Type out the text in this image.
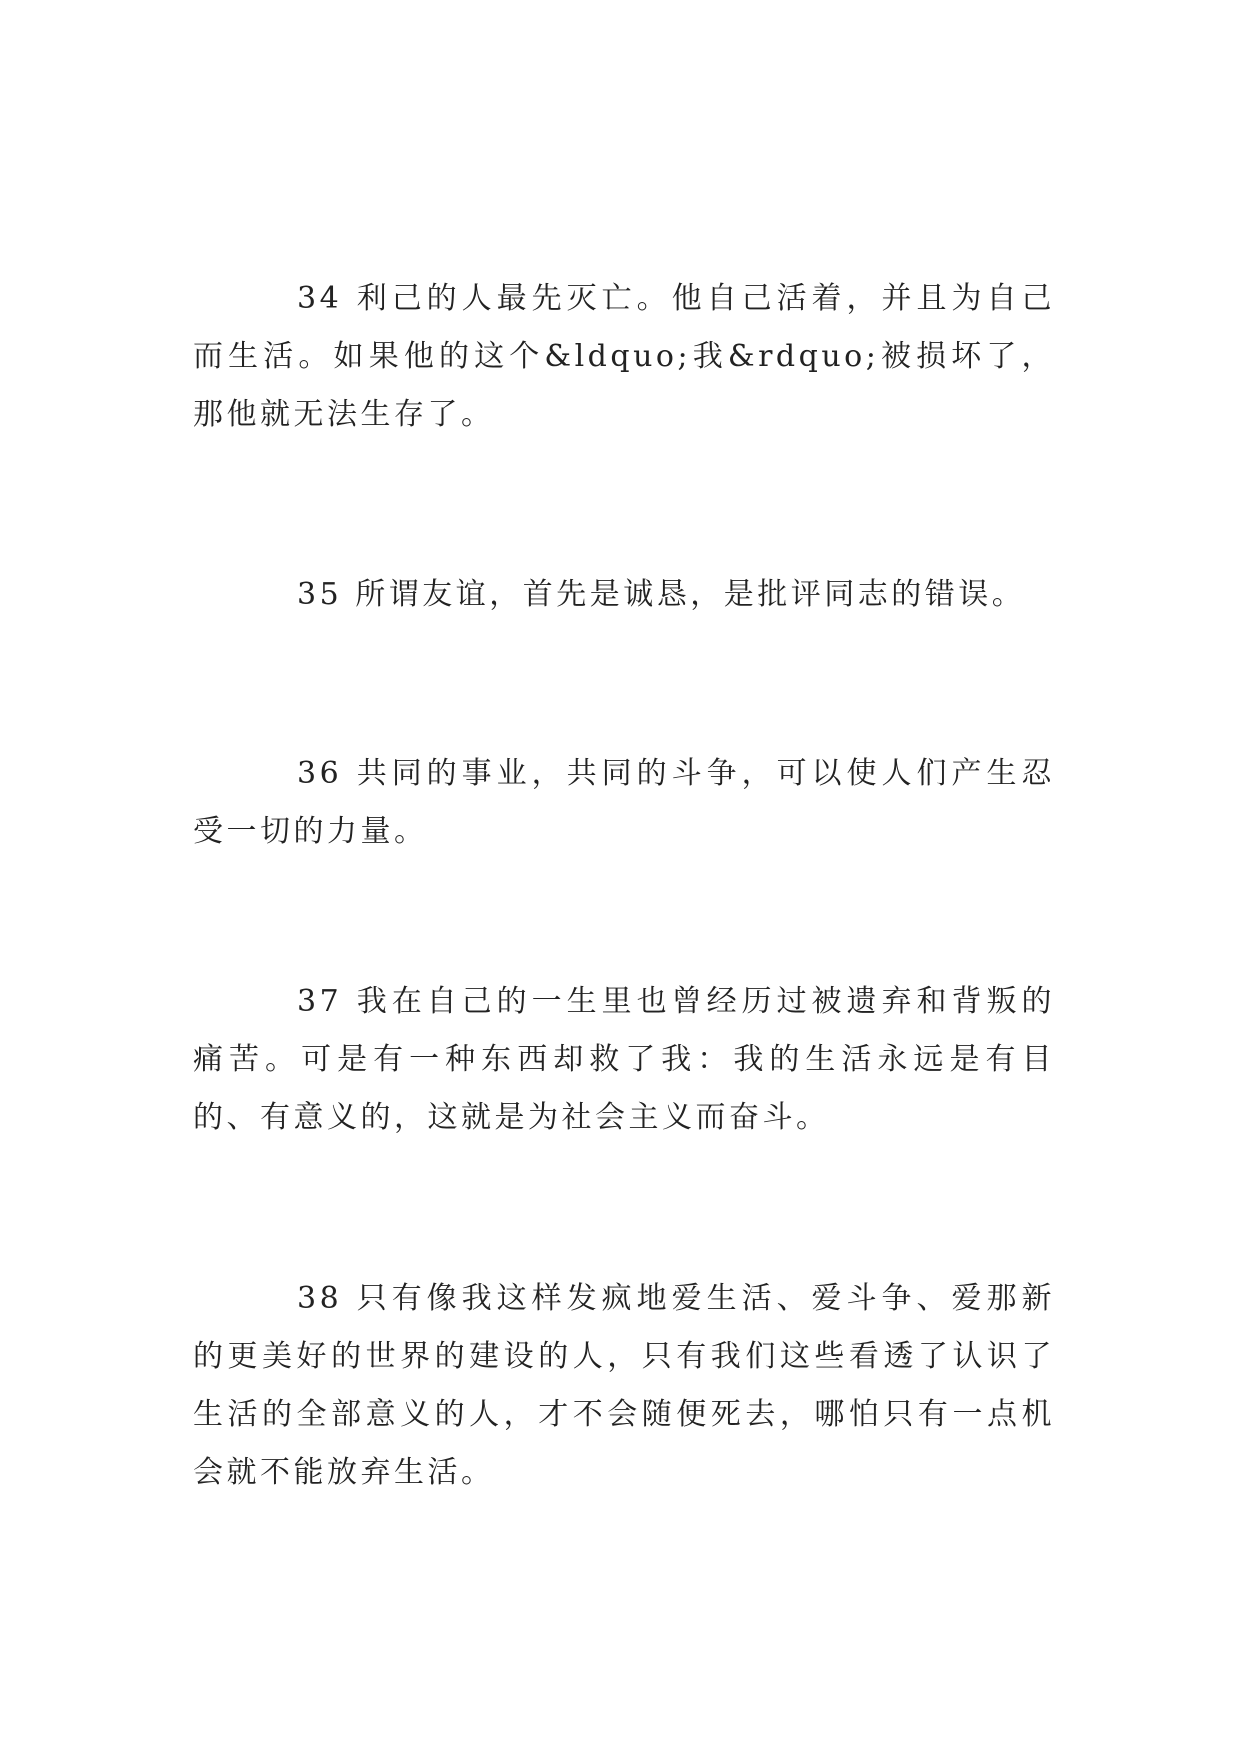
34 利己的人最先灭亡。他自己活着，并且为自己而生活。如果他的这个&ldquo;我&rdquo;被损坏了，那他就无法生存了。

35 所谓友谊，首先是诚恳，是批评同志的错误。

36 共同的事业，共同的斗争，可以使人们产生忍受一切的力量。

37 我在自己的一生里也曾经历过被遗弃和背叛的痛苦。可是有一种东西却救了我：我的生活永远是有目的、有意义的，这就是为社会主义而奋斗。

38 只有像我这样发疯地爱生活、爱斗争、爱那新的更美好的世界的建设的人，只有我们这些看透了认识了生活的全部意义的人，才不会随便死去，哪怕只有一点机会就不能放弃生活。
